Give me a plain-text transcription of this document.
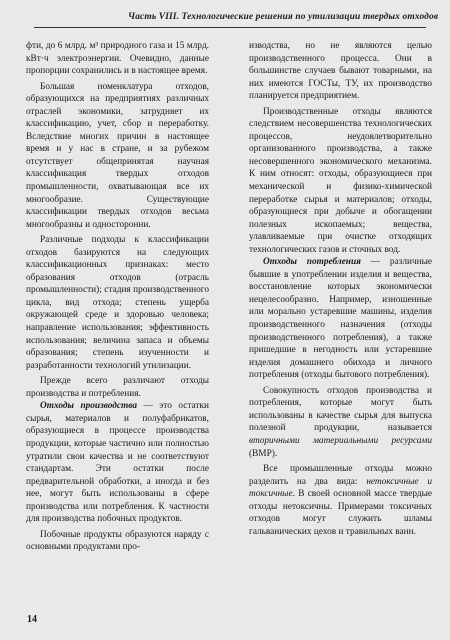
Часть VIII. Технологические решения по утилизации твердых отходов

фти, до 6 млрд. м³ природного газа и 15 млрд. кВт·ч электроэнергии. Очевидно, данные пропорции сохранились и в настоящее время.

Большая номенклатура отходов, образующихся на предприятиях различных отраслей экономики, затрудняет их классификацию, учет, сбор и переработку. Вследствие многих причин в настоящее время и у нас в стране, и за рубежом отсутствует общепринятая научная классификация твердых отходов промышленности, охватывающая все их многообразие. Существующие классификации твердых отходов весьма многообразны и односторонни.

Различные подходы к классификации отходов базируются на следующих классификационных признаках: место образования отходов (отрасль промышленности); стадия производственного цикла, вид отхода; степень ущерба окружающей среде и здоровью человека; направление использования; эффективность использования; величина запаса и объемы образования; степень изученности и разработанности технологий утилизации.

Прежде всего различают отходы производства и потребления.

Отходы производства — это остатки сырья, материалов и полуфабрикатов, образующиеся в процессе производства продукции, которые частично или полностью утратили свои качества и не соответствуют стандартам. Эти остатки после предварительной обработки, а иногда и без нее, могут быть использованы в сфере производства или потребления. К частности для производства побочных продуктов.

Побочные продукты образуются наряду с основными продуктами про-

изводства, но не являются целью производственного процесса. Они в большинстве случаев бывают товарными, на них имеются ГОСТы, ТУ, их производство планируется предприятием.

Производственные отходы являются следствием несовершенства технологических процессов, неудовлетворительно организованного производства, а также несовершенного экономического механизма. К ним относят: отходы, образующиеся при механической и физико-химической переработке сырья и материалов; отходы, образующиеся при добыче и обогащении полезных ископаемых; вещества, улавливаемые при очистке отходящих технологических газов и сточных вод.

Отходы потребления — различные бывшие в употреблении изделия и вещества, восстановление которых экономически нецелесообразно. Например, изношенные или морально устаревшие машины, изделия производственного назначения (отходы производственного потребления), а также пришедшие в негодность или устаревшие изделия домашнего обихода и личного потребления (отходы бытового потребления).

Совокупность отходов производства и потребления, которые могут быть использованы в качестве сырья для выпуска полезной продукции, называется вторичными материальными ресурсами (ВМР).

Все промышленные отходы можно разделить на два вида: нетоксичные и токсичные. В своей основной массе твердые отходы нетоксичны. Примерами токсичных отходов могут служить шламы гальванических цехов и травильных ванн.

14
